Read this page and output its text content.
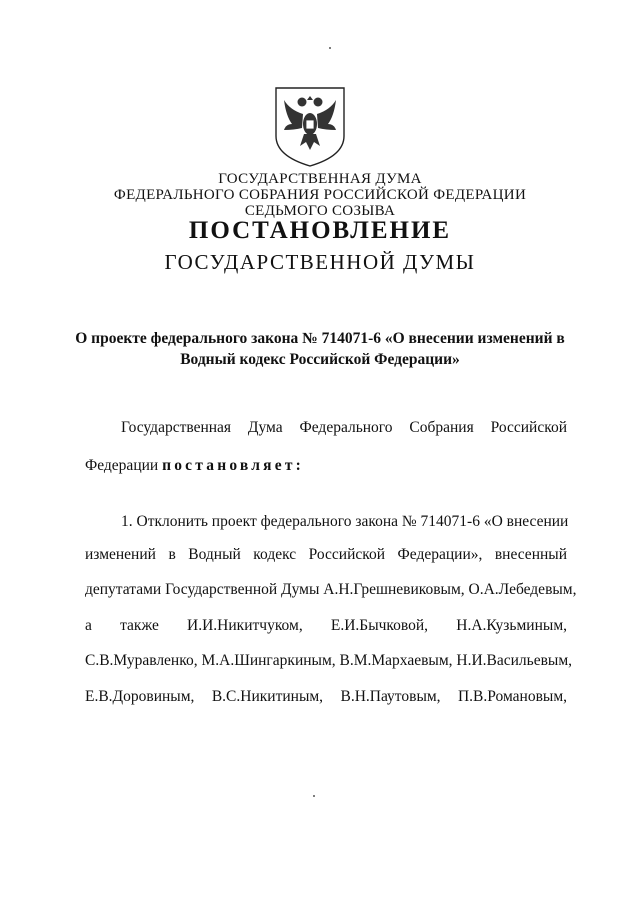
ГОСУДАРСТВЕННАЯ ДУМА
ФЕДЕРАЛЬНОГО СОБРАНИЯ РОССИЙСКОЙ ФЕДЕРАЦИИ
СЕДЬМОГО СОЗЫВА
ПОСТАНОВЛЕНИЕ
ГОСУДАРСТВЕННОЙ ДУМЫ
О проекте федерального закона № 714071-6 «О внесении изменений в
Водный кодекс Российской Федерации»
Государственная Дума Федерального Собрания Российской
Федерации постановляет:
1. Отклонить проект федерального закона № 714071-6 «О внесении
изменений в Водный кодекс Российской Федерации», внесенный
депутатами Государственной Думы А.Н.Грешневиковым, О.А.Лебедевым,
а также И.И.Никитчуком, Е.И.Бычковой, Н.А.Кузьминым,
С.В.Муравленко, М.А.Шингаркиным, В.М.Мархаевым, Н.И.Васильевым,
Е.В.Доровиным, В.С.Никитиным, В.Н.Паутовым, П.В.Романовым,
